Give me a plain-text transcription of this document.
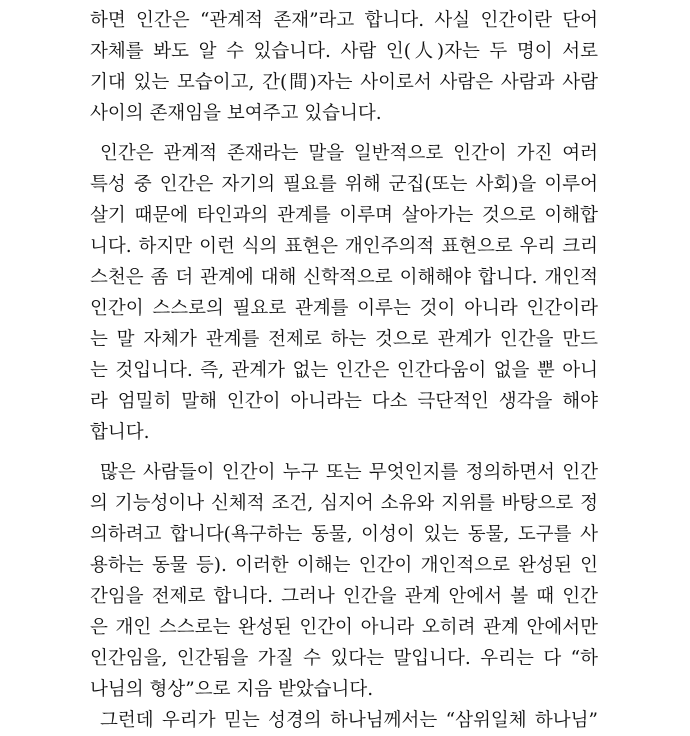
하면 인간은 “관계적 존재”라고 합니다. 사실 인간이란 단어
자체를 봐도 알 수 있습니다. 사람 인(人)자는 두 명이 서로
기대 있는 모습이고, 간(間)자는 사이로서 사람은 사람과 사람
사이의 존재임을 보여주고 있습니다.
인간은 관계적 존재라는 말을 일반적으로 인간이 가진 여러
특성 중 인간은 자기의 필요를 위해 군집(또는 사회)을 이루어
살기 때문에 타인과의 관계를 이루며 살아가는 것으로 이해합
니다. 하지만 이런 식의 표현은 개인주의적 표현으로 우리 크리
스천은 좀 더 관계에 대해 신학적으로 이해해야 합니다. 개인적
인간이 스스로의 필요로 관계를 이루는 것이 아니라 인간이라
는 말 자체가 관계를 전제로 하는 것으로 관계가 인간을 만드
는 것입니다. 즉, 관계가 없는 인간은 인간다움이 없을 뿐 아니
라 엄밀히 말해 인간이 아니라는 다소 극단적인 생각을 해야
합니다.
많은 사람들이 인간이 누구 또는 무엇인지를 정의하면서 인간
의 기능성이나 신체적 조건, 심지어 소유와 지위를 바탕으로 정
의하려고 합니다(욕구하는 동물, 이성이 있는 동물, 도구를 사
용하는 동물 등). 이러한 이해는 인간이 개인적으로 완성된 인
간임을 전제로 합니다. 그러나 인간을 관계 안에서 볼 때 인간
은 개인 스스로는 완성된 인간이 아니라 오히려 관계 안에서만
인간임을, 인간됨을 가질 수 있다는 말입니다. 우리는 다 “하
나님의 형상”으로 지음 받았습니다.
그런데 우리가 믿는 성경의 하나님께서는 “삼위일체 하나님”
